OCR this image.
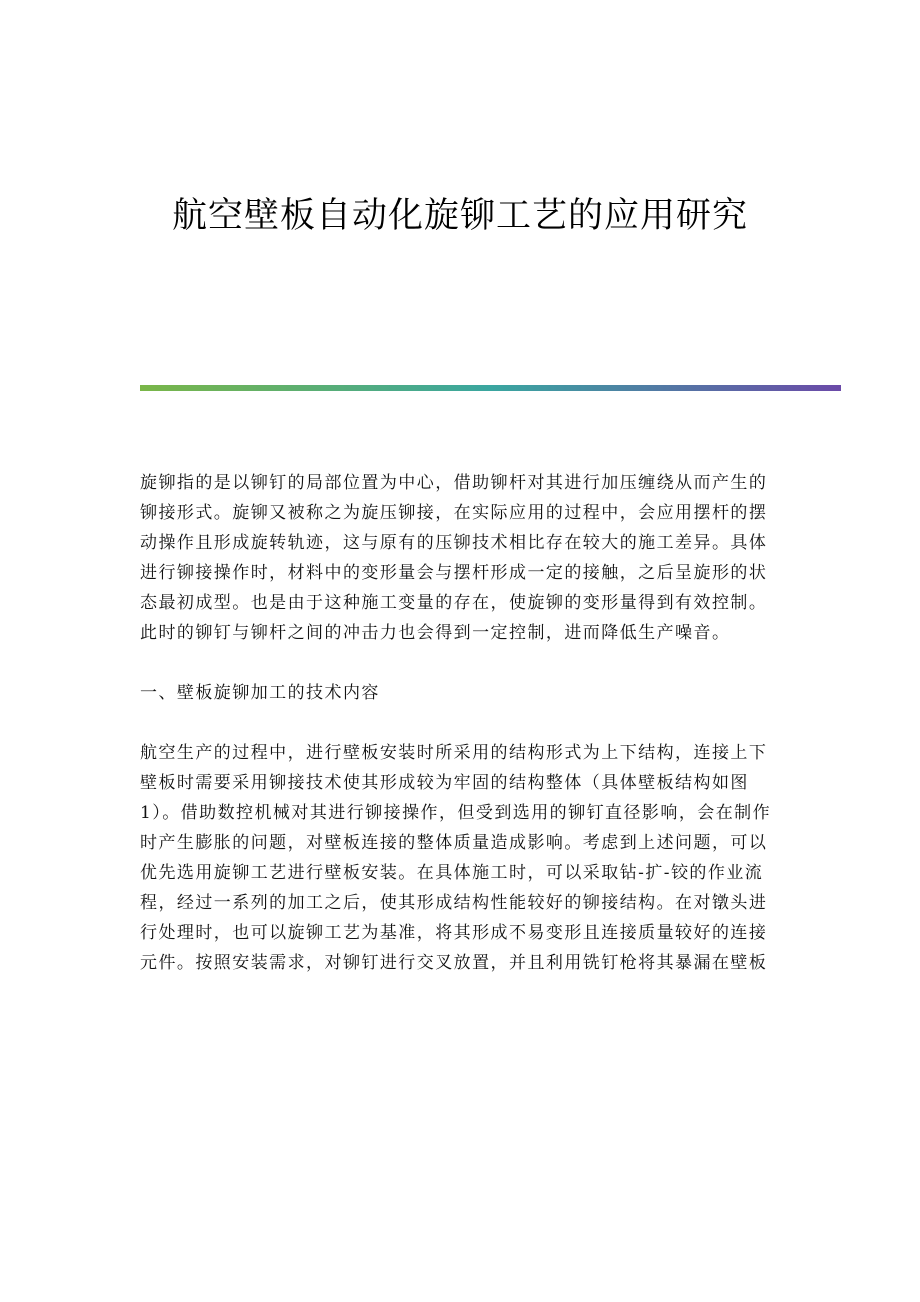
航空壁板自动化旋铆工艺的应用研究

旋铆指的是以铆钉的局部位置为中心，借助铆杆对其进行加压缠绕从而产生的铆接形式。旋铆又被称之为旋压铆接，在实际应用的过程中，会应用摆杆的摆动操作且形成旋转轨迹，这与原有的压铆技术相比存在较大的施工差异。具体进行铆接操作时，材料中的变形量会与摆杆形成一定的接触，之后呈旋形的状态最初成型。也是由于这种施工变量的存在，使旋铆的变形量得到有效控制。此时的铆钉与铆杆之间的冲击力也会得到一定控制，进而降低生产噪音。

一、壁板旋铆加工的技术内容

航空生产的过程中，进行壁板安装时所采用的结构形式为上下结构，连接上下壁板时需要采用铆接技术使其形成较为牢固的结构整体（具体壁板结构如图1）。借助数控机械对其进行铆接操作，但受到选用的铆钉直径影响，会在制作时产生膨胀的问题，对壁板连接的整体质量造成影响。考虑到上述问题，可以优先选用旋铆工艺进行壁板安装。在具体施工时，可以采取钻-扩-铰的作业流程，经过一系列的加工之后，使其形成结构性能较好的铆接结构。在对镦头进行处理时，也可以旋铆工艺为基准，将其形成不易变形且连接质量较好的连接元件。按照安装需求，对铆钉进行交叉放置，并且利用铣钉枪将其暴漏在壁板
